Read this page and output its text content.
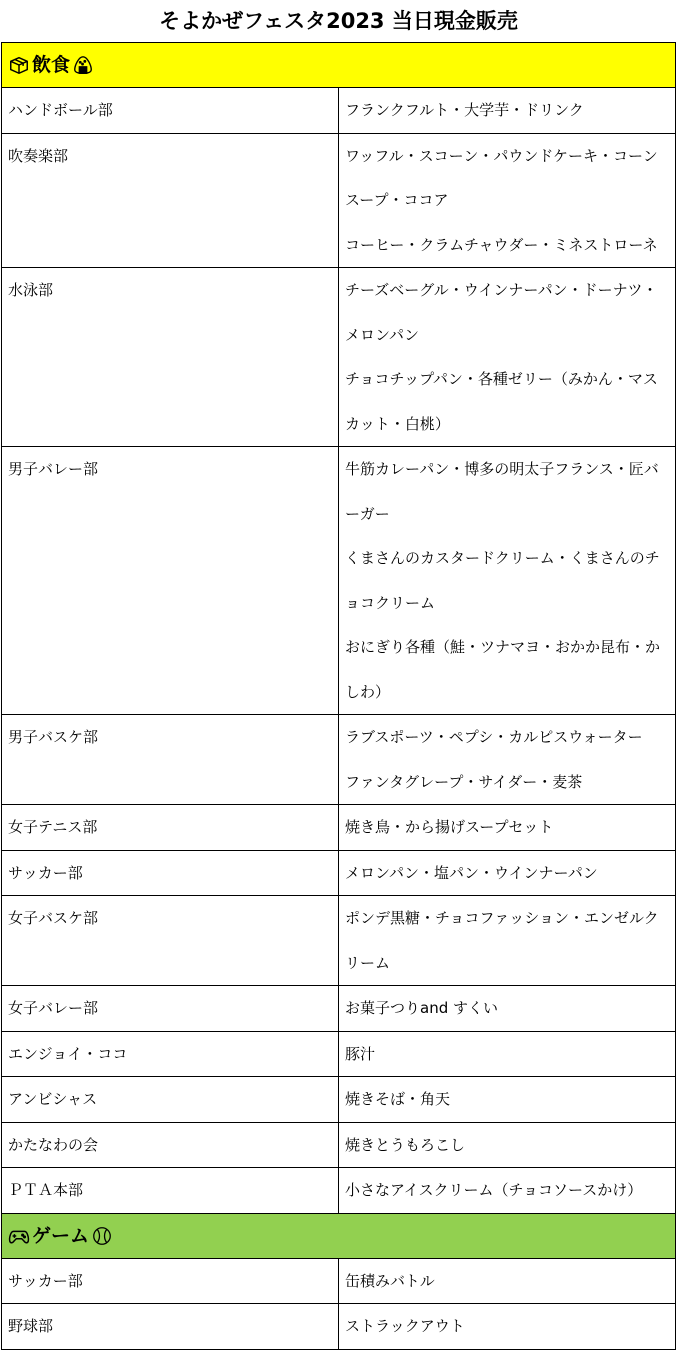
そよかぜフェスタ2023 当日現金販売
飲食	

ハンドボール部	フランクフルト・大学芋・ドリンク

吹奏楽部	ワッフル・スコーン・パウンドケーキ・コーンスープ・ココア
コーヒー・クラムチャウダー・ミネストローネ

水泳部	チーズベーグル・ウインナーパン・ドーナツ・メロンパン
チョコチップパン・各種ゼリー（みかん・マスカット・白桃）

男子バレー部	牛筋カレーパン・博多の明太子フランス・匠バーガー
くまさんのカスタードクリーム・くまさんのチョコクリーム
おにぎり各種（鮭・ツナマヨ・おかか昆布・かしわ）

男子バスケ部	ラブスポーツ・ペプシ・カルピスウォーター
ファンタグレープ・サイダー・麦茶

女子テニス部	焼き鳥・から揚げスープセット

サッカー部	メロンパン・塩パン・ウインナーパン

女子バスケ部	ポンデ黒糖・チョコファッション・エンゼルクリーム

女子バレー部	お菓子つりand すくい

エンジョイ・ココ	豚汁

アンビシャス	焼きそば・角天

かたなわの会	焼きとうもろこし

ＰＴＡ本部	小さなアイスクリーム（チョコソースかけ）

ゲーム	

サッカー部	缶積みバトル

野球部	ストラックアウト
